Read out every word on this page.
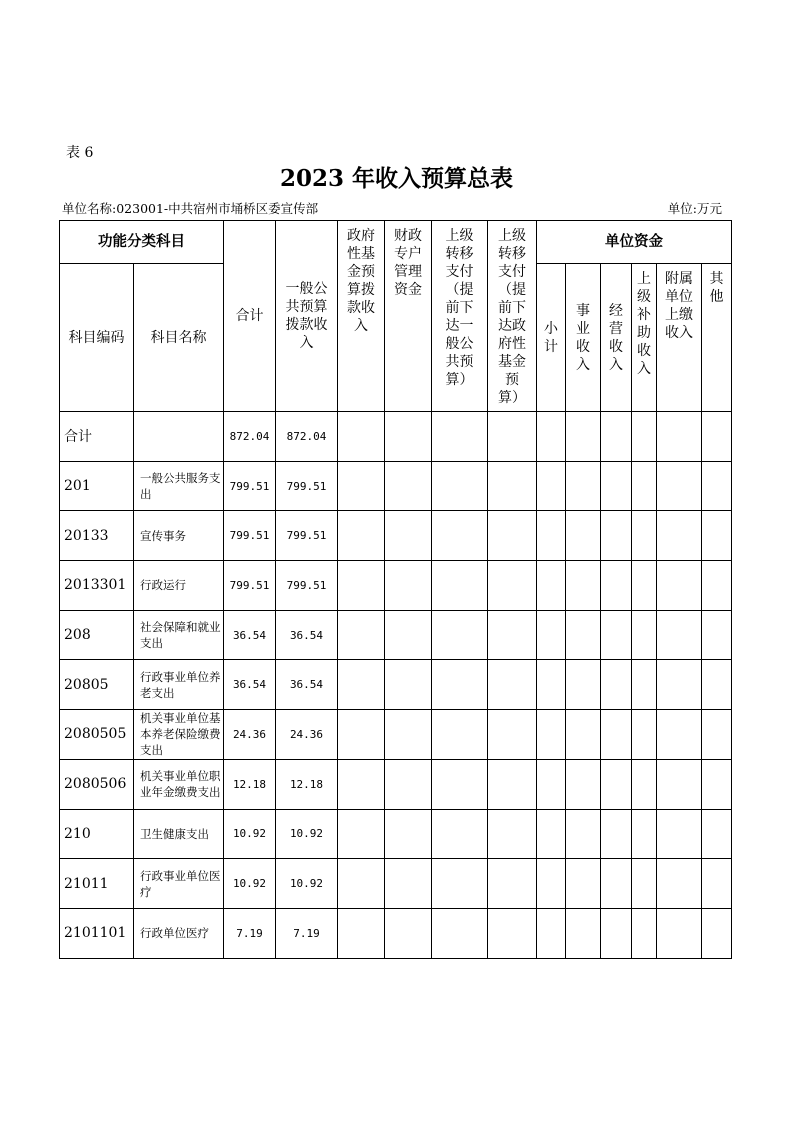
表 6
2023 年收入预算总表
单位名称:023001-中共宿州市埇桥区委宣传部	单位:万元
功能分类科目		合计	一般公共预算拨款收入	政府性基金预算拨款收入	财政专户管理资金	上级转移支付（提前下达一般公共预算）	上级转移支付（提前下达政府性基金预算）	单位资金					
科目编码	科目名称							小计	事业收入	经营收入	上级补助收入	附属单位上缴收入	其他
合计		872.04	872.04										
201	一般公共服务支出	799.51	799.51										
20133	宣传事务	799.51	799.51										
2013301	行政运行	799.51	799.51										
208	社会保障和就业支出	36.54	36.54										
20805	行政事业单位养老支出	36.54	36.54										
2080505	机关事业单位基本养老保险缴费支出	24.36	24.36										
2080506	机关事业单位职业年金缴费支出	12.18	12.18										
210	卫生健康支出	10.92	10.92										
21011	行政事业单位医疗	10.92	10.92										
2101101	行政单位医疗	7.19	7.19										
